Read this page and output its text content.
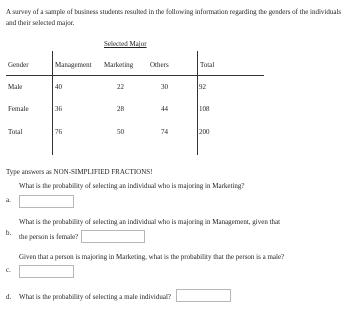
A survey of a sample of business students resulted in the following information regarding the genders of the individuals and their selected major.
Selected Major
Gender	Management Marketing Others	Total
Male	40	22	30	92
Female	36	28	44	108
Total	76	50	74	200
Type answers as NON-SIMPLIFIED FRACTIONS!
What is the probability of selecting an individual who is majoring in Marketing?
a.
What is the probability of selecting an individual who is majoring in Management, given that
b. the person is female?
Given that a person is majoring in Marketing, what is the probability that the person is a male?
c.
d. What is the probability of selecting a male individual?
